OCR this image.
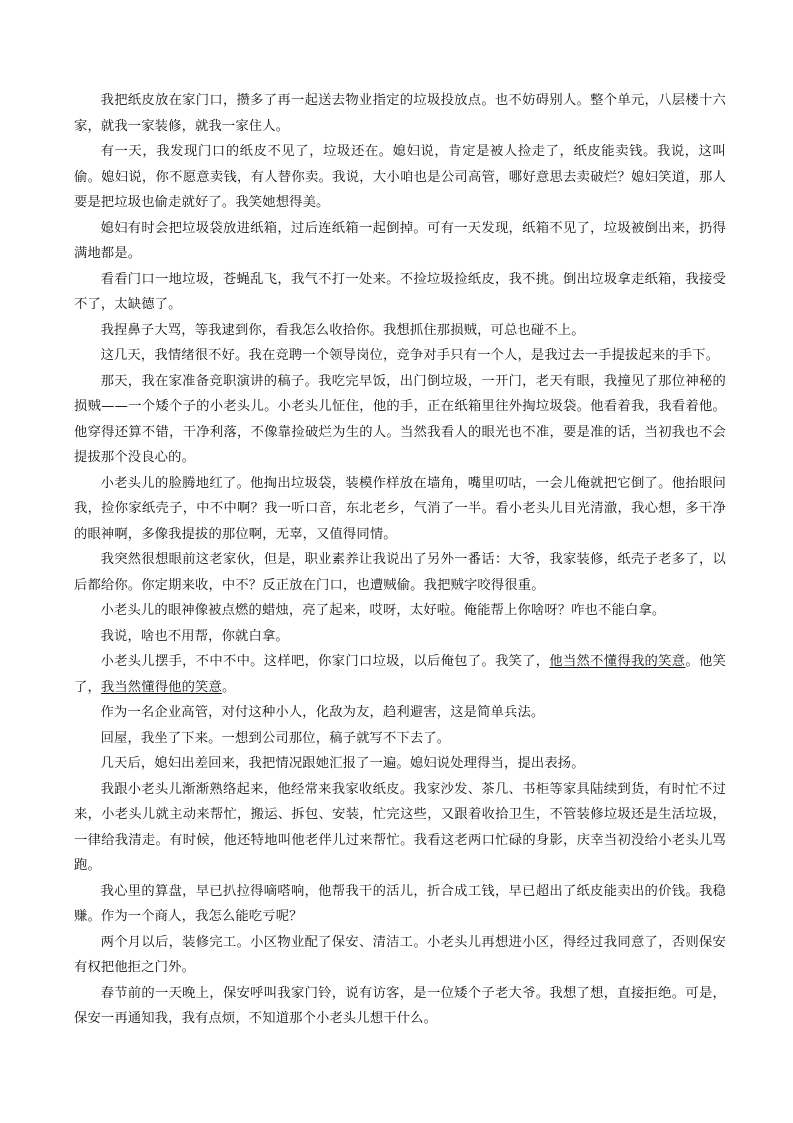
我把纸皮放在家门口，攒多了再一起送去物业指定的垃圾投放点。也不妨碍别人。整个单元，八层楼十六家，就我一家装修，就我一家住人。

有一天，我发现门口的纸皮不见了，垃圾还在。媳妇说，肯定是被人捡走了，纸皮能卖钱。我说，这叫偷。媳妇说，你不愿意卖钱，有人替你卖。我说，大小咱也是公司高管，哪好意思去卖破烂？媳妇笑道，那人要是把垃圾也偷走就好了。我笑她想得美。

媳妇有时会把垃圾袋放进纸箱，过后连纸箱一起倒掉。可有一天发现，纸箱不见了，垃圾被倒出来，扔得满地都是。

看看门口一地垃圾，苍蝇乱飞，我气不打一处来。不捡垃圾捡纸皮，我不挑。倒出垃圾拿走纸箱，我接受不了，太缺德了。

我捏鼻子大骂，等我逮到你，看我怎么收拾你。我想抓住那损贼，可总也碰不上。

这几天，我情绪很不好。我在竞聘一个领导岗位，竞争对手只有一个人，是我过去一手提拔起来的手下。

那天，我在家准备竞职演讲的稿子。我吃完早饭，出门倒垃圾，一开门，老天有眼，我撞见了那位神秘的损贼——一个矮个子的小老头儿。小老头儿怔住，他的手，正在纸箱里往外掏垃圾袋。他看着我，我看着他。他穿得还算不错，干净利落，不像靠捡破烂为生的人。当然我看人的眼光也不准，要是准的话，当初我也不会提拔那个没良心的。

小老头儿的脸腾地红了。他掏出垃圾袋，装模作样放在墙角，嘴里叨咕，一会儿俺就把它倒了。他抬眼问我，捡你家纸壳子，中不中啊？我一听口音，东北老乡，气消了一半。看小老头儿目光清澈，我心想，多干净的眼神啊，多像我提拔的那位啊，无辜，又值得同情。

我突然很想眼前这老家伙，但是，职业素养让我说出了另外一番话：大爷，我家装修，纸壳子老多了，以后都给你。你定期来收，中不？反正放在门口，也遭贼偷。我把贼字咬得很重。

小老头儿的眼神像被点燃的蜡烛，亮了起来，哎呀，太好啦。俺能帮上你啥呀？咋也不能白拿。

我说，啥也不用帮，你就白拿。

小老头儿摆手，不中不中。这样吧，你家门口垃圾，以后俺包了。我笑了，他当然不懂得我的笑意。他笑了，我当然懂得他的笑意。

作为一名企业高管，对付这种小人，化敌为友，趋利避害，这是简单兵法。

回屋，我坐了下来。一想到公司那位，稿子就写不下去了。

几天后，媳妇出差回来，我把情况跟她汇报了一遍。媳妇说处理得当，提出表扬。

我跟小老头儿渐渐熟络起来，他经常来我家收纸皮。我家沙发、茶几、书柜等家具陆续到货，有时忙不过来，小老头儿就主动来帮忙，搬运、拆包、安装，忙完这些，又跟着收拾卫生，不管装修垃圾还是生活垃圾，一律给我清走。有时候，他还特地叫他老伴儿过来帮忙。我看这老两口忙碌的身影，庆幸当初没给小老头儿骂跑。

我心里的算盘，早已扒拉得嘀嗒响，他帮我干的活儿，折合成工钱，早已超出了纸皮能卖出的价钱。我稳赚。作为一个商人，我怎么能吃亏呢？

两个月以后，装修完工。小区物业配了保安、清洁工。小老头儿再想进小区，得经过我同意了，否则保安有权把他拒之门外。

春节前的一天晚上，保安呼叫我家门铃，说有访客，是一位矮个子老大爷。我想了想，直接拒绝。可是，保安一再通知我，我有点烦，不知道那个小老头儿想干什么。
